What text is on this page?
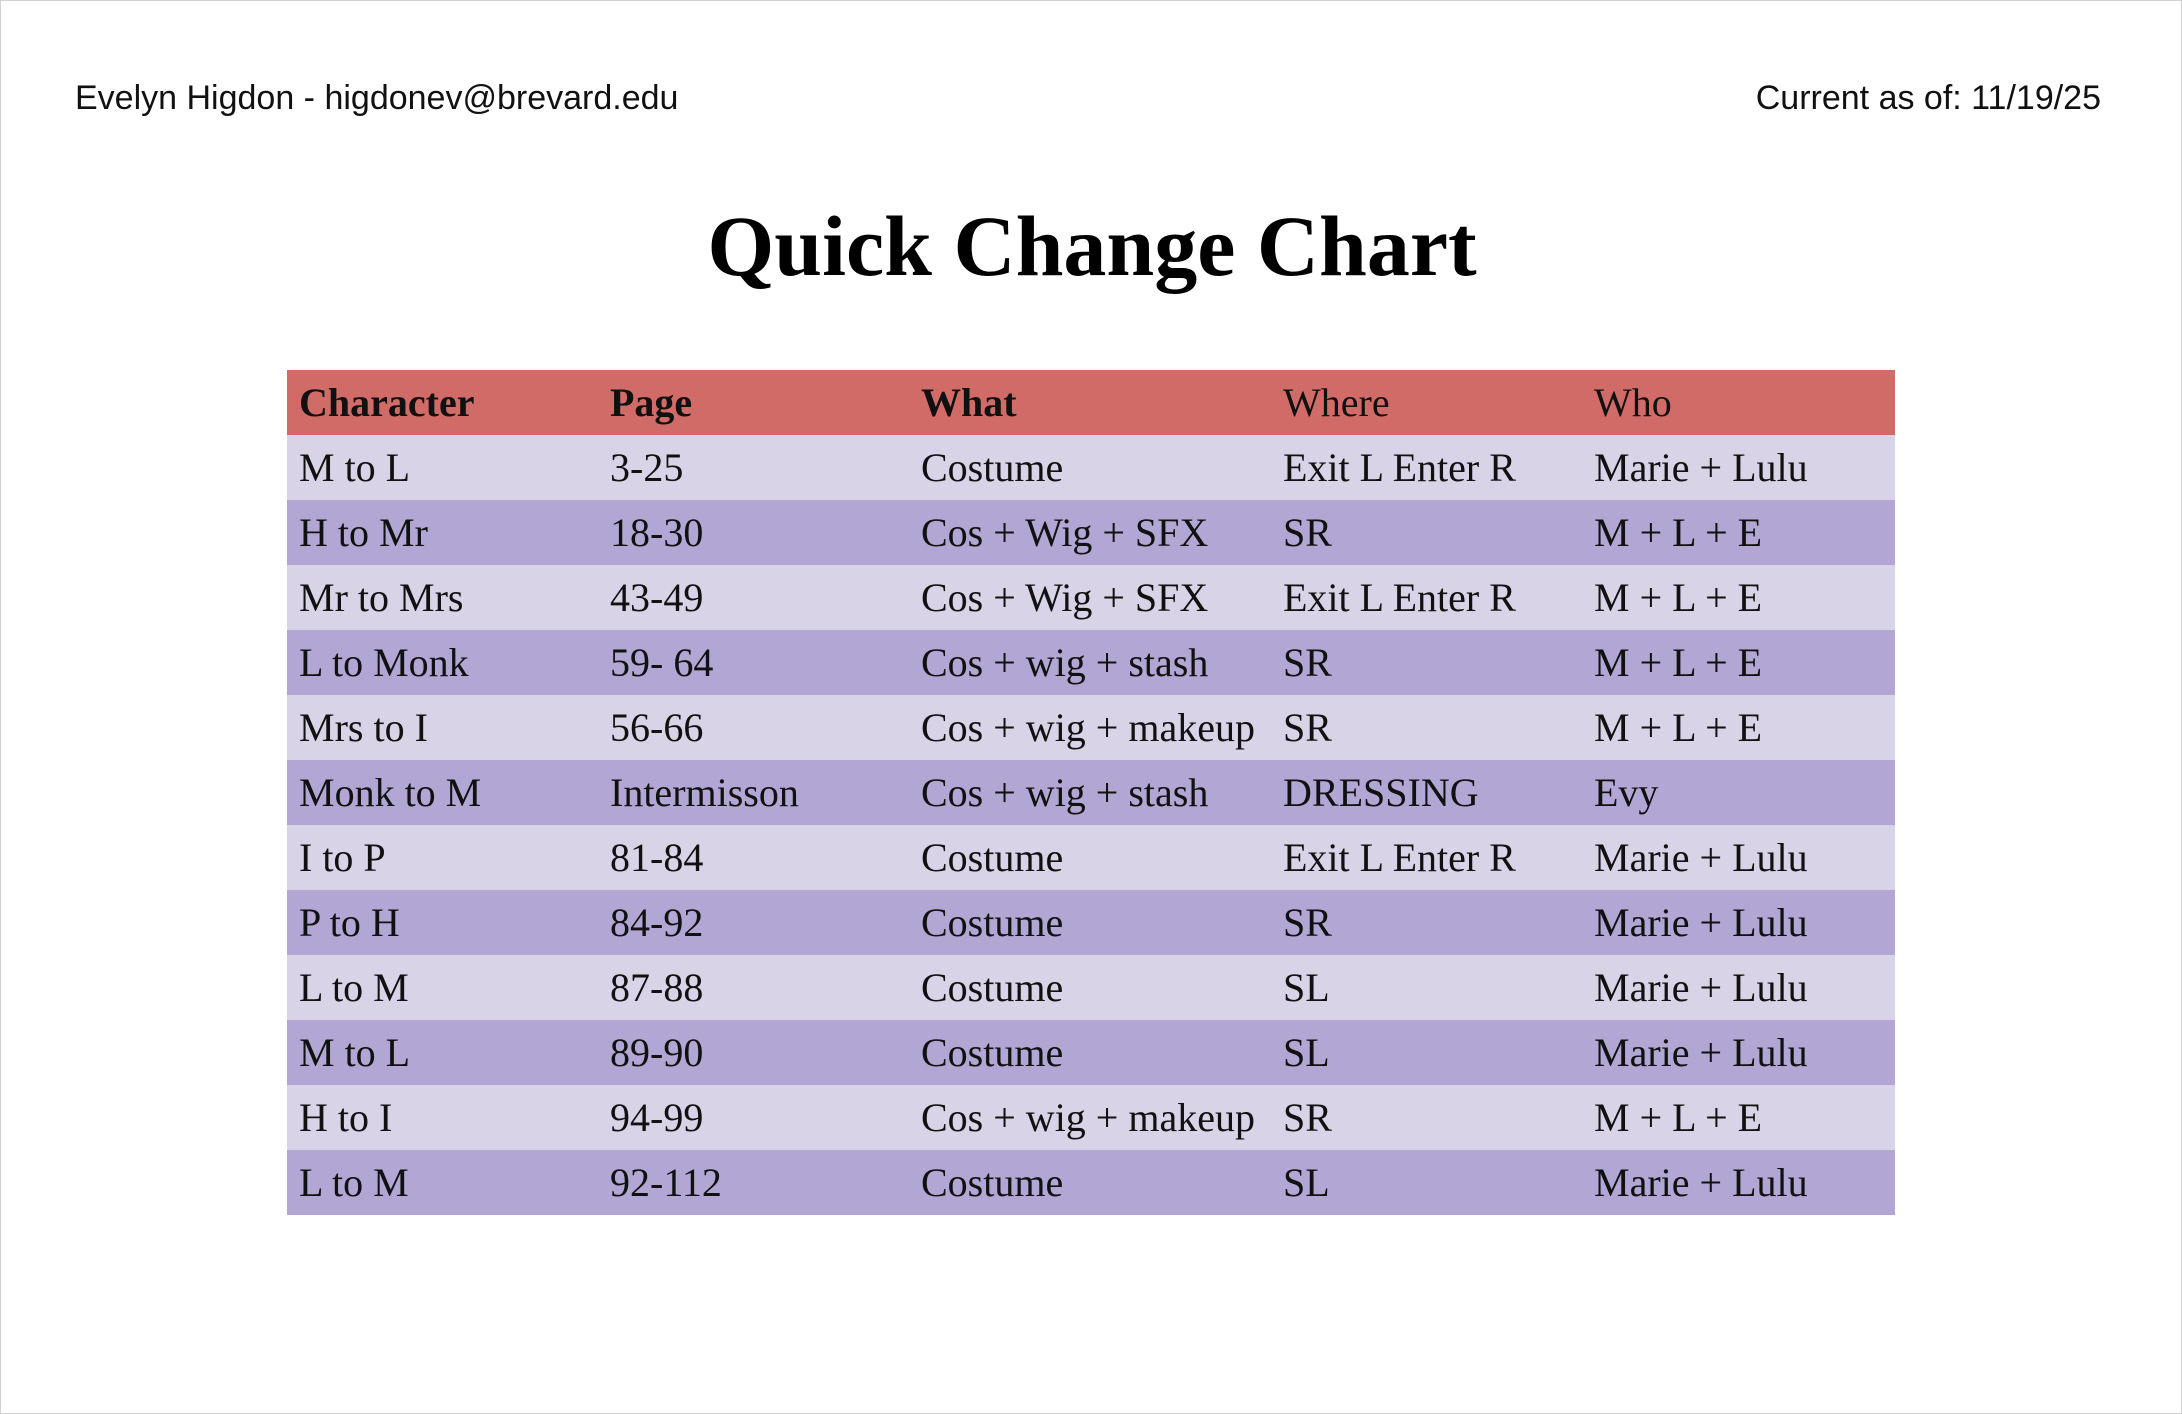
Evelyn Higdon - higdonev@brevard.edu	Current as of: 11/19/25
Quick Change Chart
Character	Page	What	Where	Who
M to L	3-25	Costume	Exit L Enter R	Marie + Lulu
H to Mr	18-30	Cos + Wig + SFX	SR	M + L + E
Mr to Mrs	43-49	Cos + Wig + SFX	Exit L Enter R	M + L + E
L to Monk	59- 64	Cos + wig + stash	SR	M + L + E
Mrs to I	56-66	Cos + wig + makeup	SR	M + L + E
Monk to M	Intermisson	Cos + wig + stash	DRESSING	Evy
I to P	81-84	Costume	Exit L Enter R	Marie + Lulu
P to H	84-92	Costume	SR	Marie + Lulu
L to M	87-88	Costume	SL	Marie + Lulu
M to L	89-90	Costume	SL	Marie + Lulu
H to I	94-99	Cos + wig + makeup	SR	M + L + E
L to M	92-112	Costume	SL	Marie + Lulu
